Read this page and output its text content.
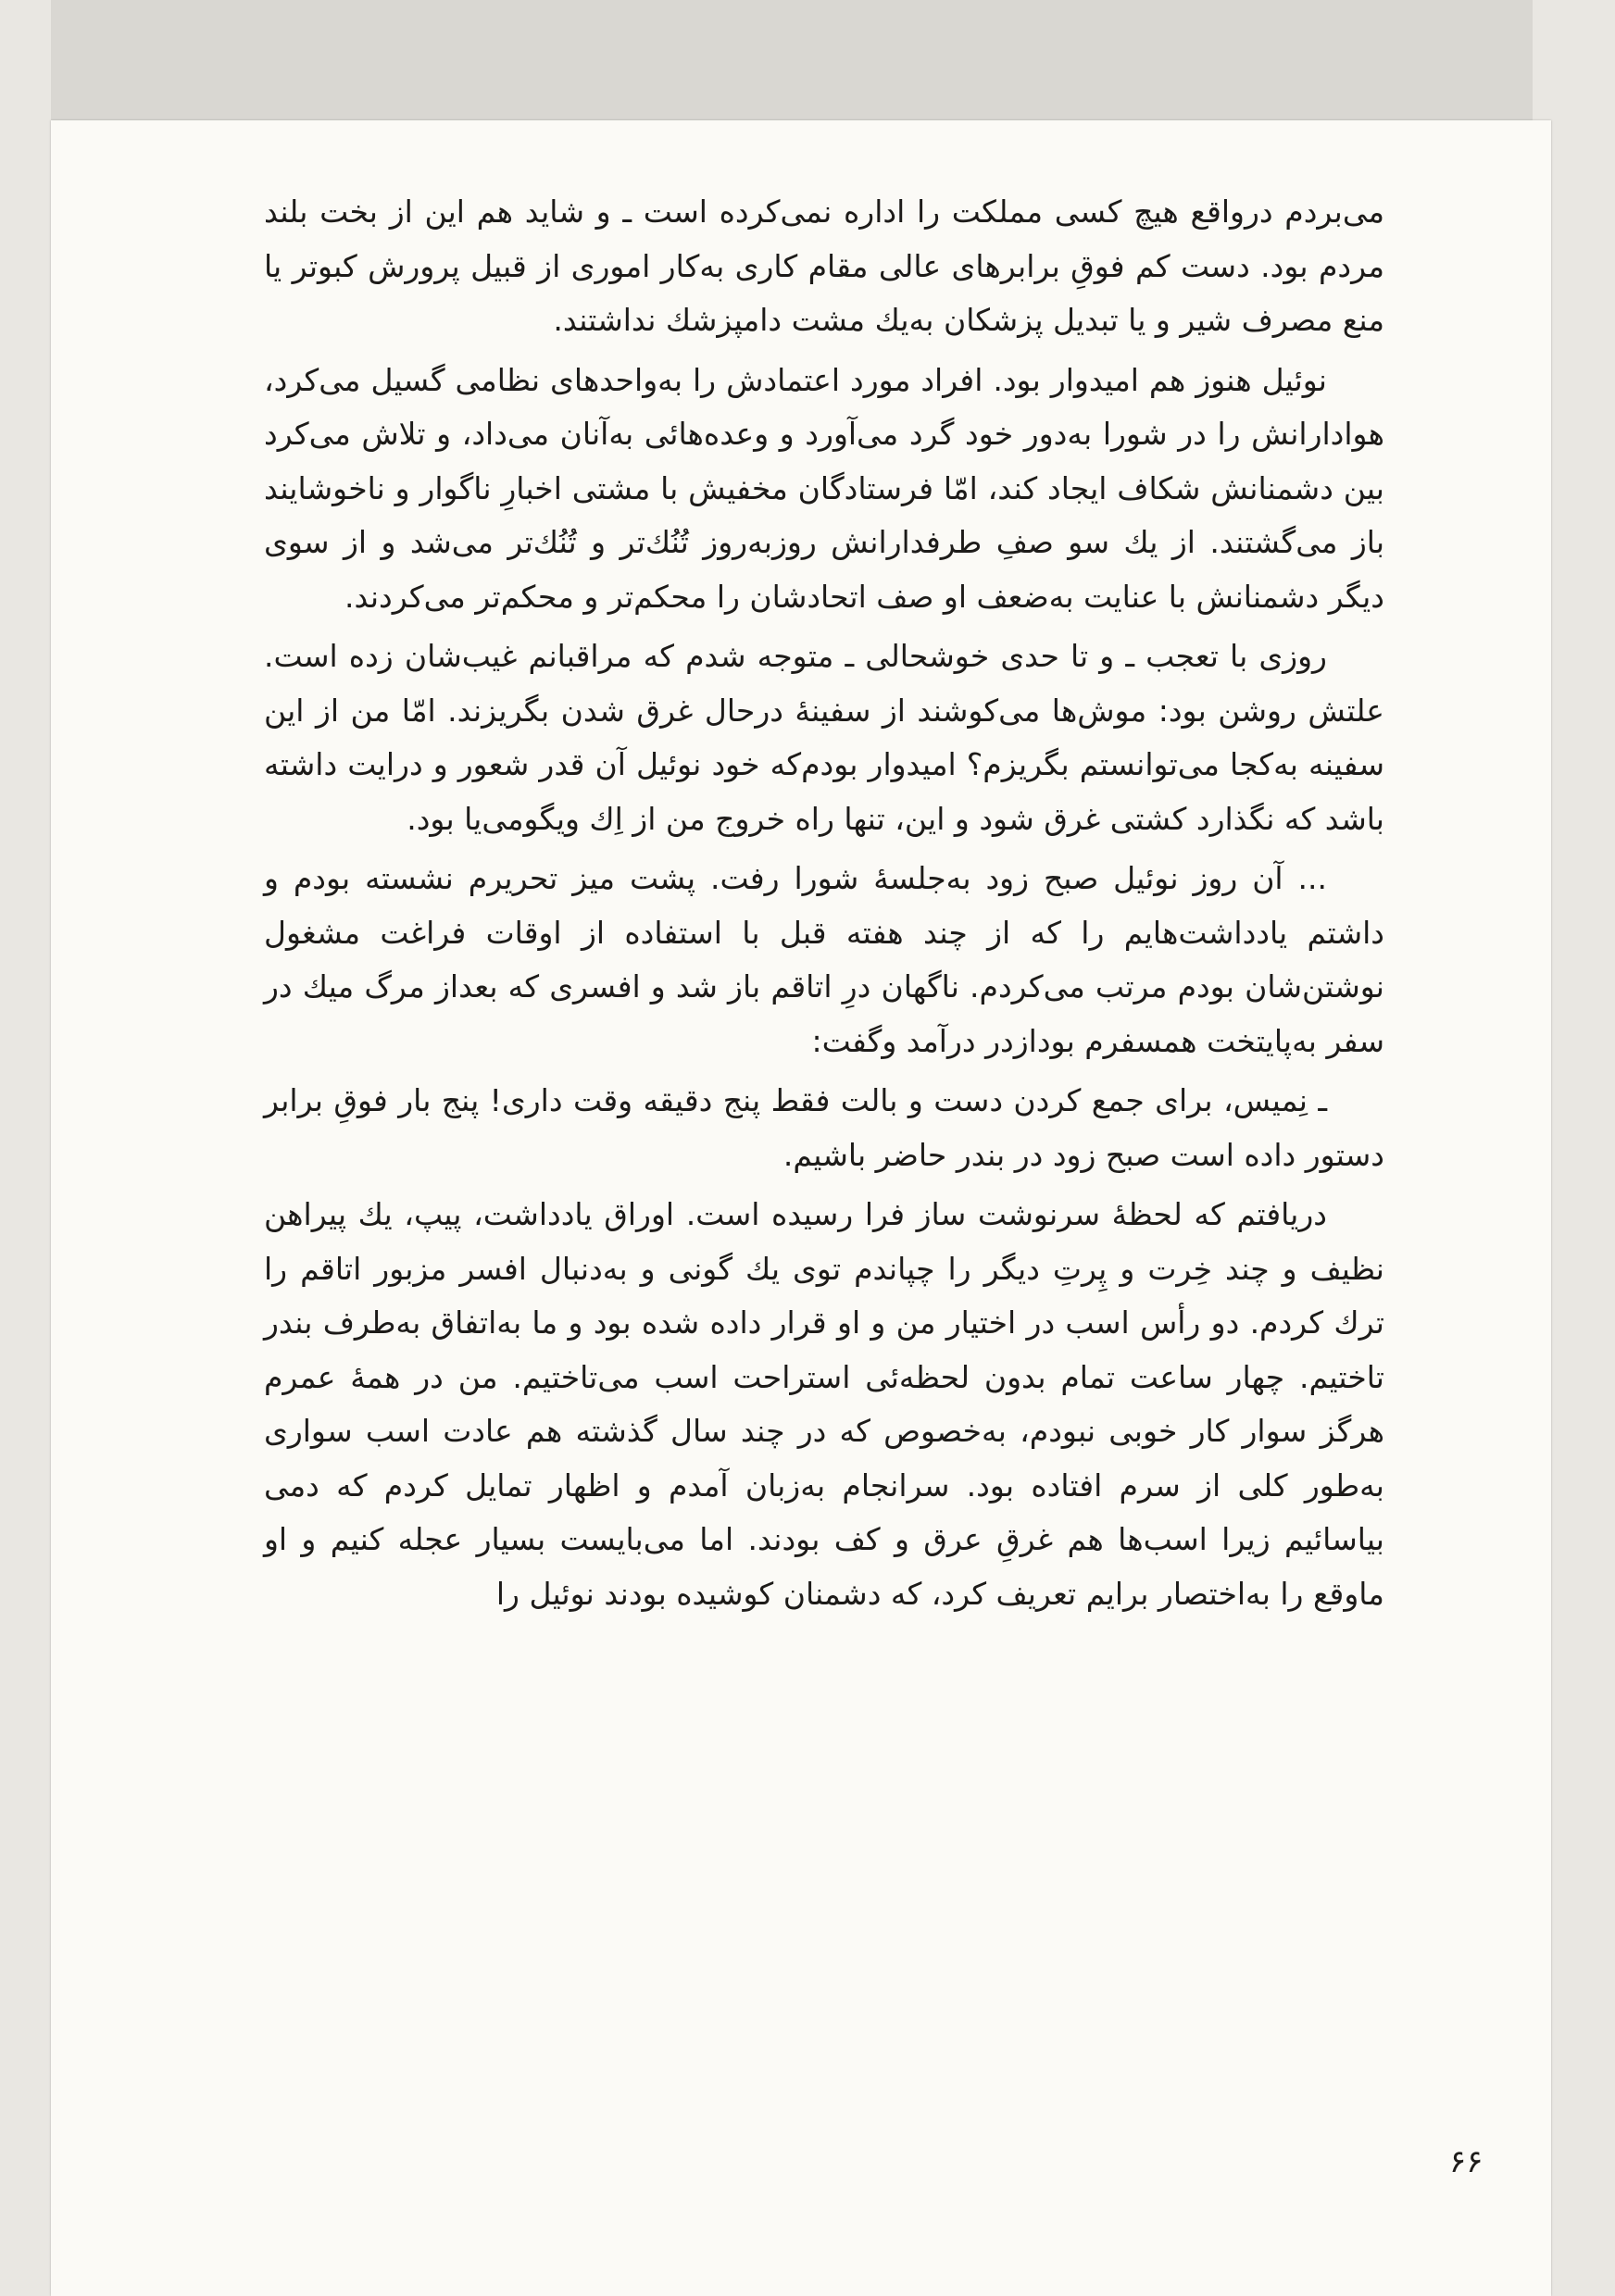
می‌بردم درواقع هیچ کسی مملکت را اداره نمی‌کرده است ـ و شاید هم این از بخت بلند مردم بود. دست کم فوقِ برابرهای عالی مقام کاری به‌کار اموری از قبیل پرورش کبوتر یا منع مصرف شیر و یا تبدیل پزشکان به‌یك مشت دامپزشك نداشتند.

نوئیل هنوز هم امیدوار بود. افراد مورد اعتمادش را به‌واحدهای نظامی گسیل می‌کرد، هوادارانش را در شورا به‌دور خود گرد می‌آورد و وعده‌هائی به‌آنان می‌داد، و تلاش می‌کرد بین دشمنانش شکاف ایجاد کند، امّا فرستادگان مخفیش با مشتی اخبارِ ناگوار و ناخوشایند باز می‌گشتند. از یك سو صفِ طرفدارانش روزبه‌روز تُنُك‌تر و تُنُك‌تر می‌شد و از سوی دیگر دشمنانش با عنایت به‌ضعف او صف اتحادشان را محکم‌تر و محکم‌تر می‌کردند.

روزی با تعجب ـ و تا حدی خوشحالی ـ متوجه شدم که مراقبانم غیب‌شان زده است. علتش روشن بود: موش‌ها می‌کوشند از سفینهٔ درحال غرق شدن بگریزند. امّا من از این سفینه به‌کجا می‌توانستم بگریزم؟ امیدوار بودم‌که خود نوئیل آن قدر شعور و درایت داشته باشد که نگذارد کشتی غرق شود و این، تنها راه خروج من از اِك ویگومی‌یا بود.

... آن روز نوئیل صبح زود به‌جلسهٔ شورا رفت. پشت میز تحریرم نشسته بودم و داشتم یادداشت‌هایم را که از چند هفته قبل با استفاده از اوقات فراغت مشغول نوشتن‌شان بودم مرتب می‌کردم. ناگهان درِ اتاقم باز شد و افسری که بعداز مرگ میك در سفر به‌پایتخت همسفرم بودازدر درآمد وگفت:

ـ نِمیس، برای جمع کردن دست و بالت فقط پنج دقیقه وقت داری! پنج بار فوقِ برابر دستور داده است صبح زود در بندر حاضر باشیم.

دریافتم که لحظهٔ سرنوشت ساز فرا رسیده است. اوراق یادداشت، پیپ، یك پیراهن نظیف و چند خِرت و پِرتِ دیگر را چپاندم توی یك گونی و به‌دنبال افسر مزبور اتاقم را ترك کردم. دو رأس اسب در اختیار من و او قرار داده شده بود و ما به‌اتفاق به‌طرف بندر تاختیم. چهار ساعت تمام بدون لحظه‌ئی استراحت اسب می‌تاختیم. من در همهٔ عمرم هرگز سوار کار خوبی نبودم، به‌خصوص که در چند سال گذشته هم عادت اسب سواری به‌طور کلی از سرم افتاده بود. سرانجام به‌زبان آمدم و اظهار تمایل کردم که دمی بیاسائیم زیرا اسب‌ها هم غرقِ عرق و کف بودند. اما می‌بایست بسیار عجله کنیم و او ماوقع را به‌اختصار برایم تعریف کرد، که دشمنان کوشیده بودند نوئیل را

۶۶
